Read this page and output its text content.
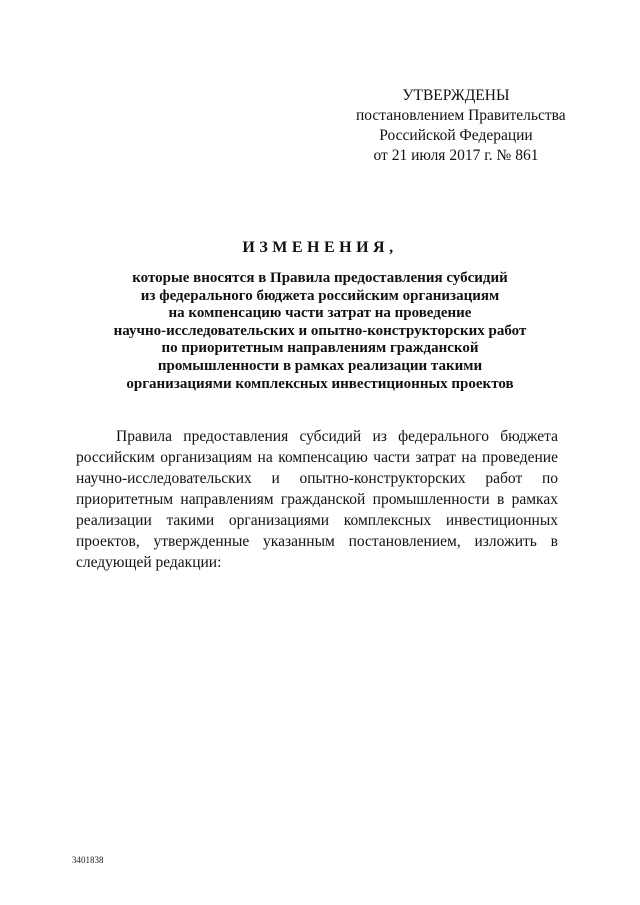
УТВЕРЖДЕНЫ
постановлением Правительства
Российской Федерации
от 21 июля 2017 г. № 861
ИЗМЕНЕНИЯ,
которые вносятся в Правила предоставления субсидий
из федерального бюджета российским организациям
на компенсацию части затрат на проведение
научно-исследовательских и опытно-конструкторских работ
по приоритетным направлениям гражданской
промышленности в рамках реализации такими
организациями комплексных инвестиционных проектов
Правила предоставления субсидий из федерального бюджета
российским организациям на компенсацию части затрат на проведение
научно-исследовательских и опытно-конструкторских работ по
приоритетным направлениям гражданской промышленности в рамках
реализации такими организациями комплексных инвестиционных
проектов, утвержденные указанным постановлением, изложить в
следующей редакции:
3401838
